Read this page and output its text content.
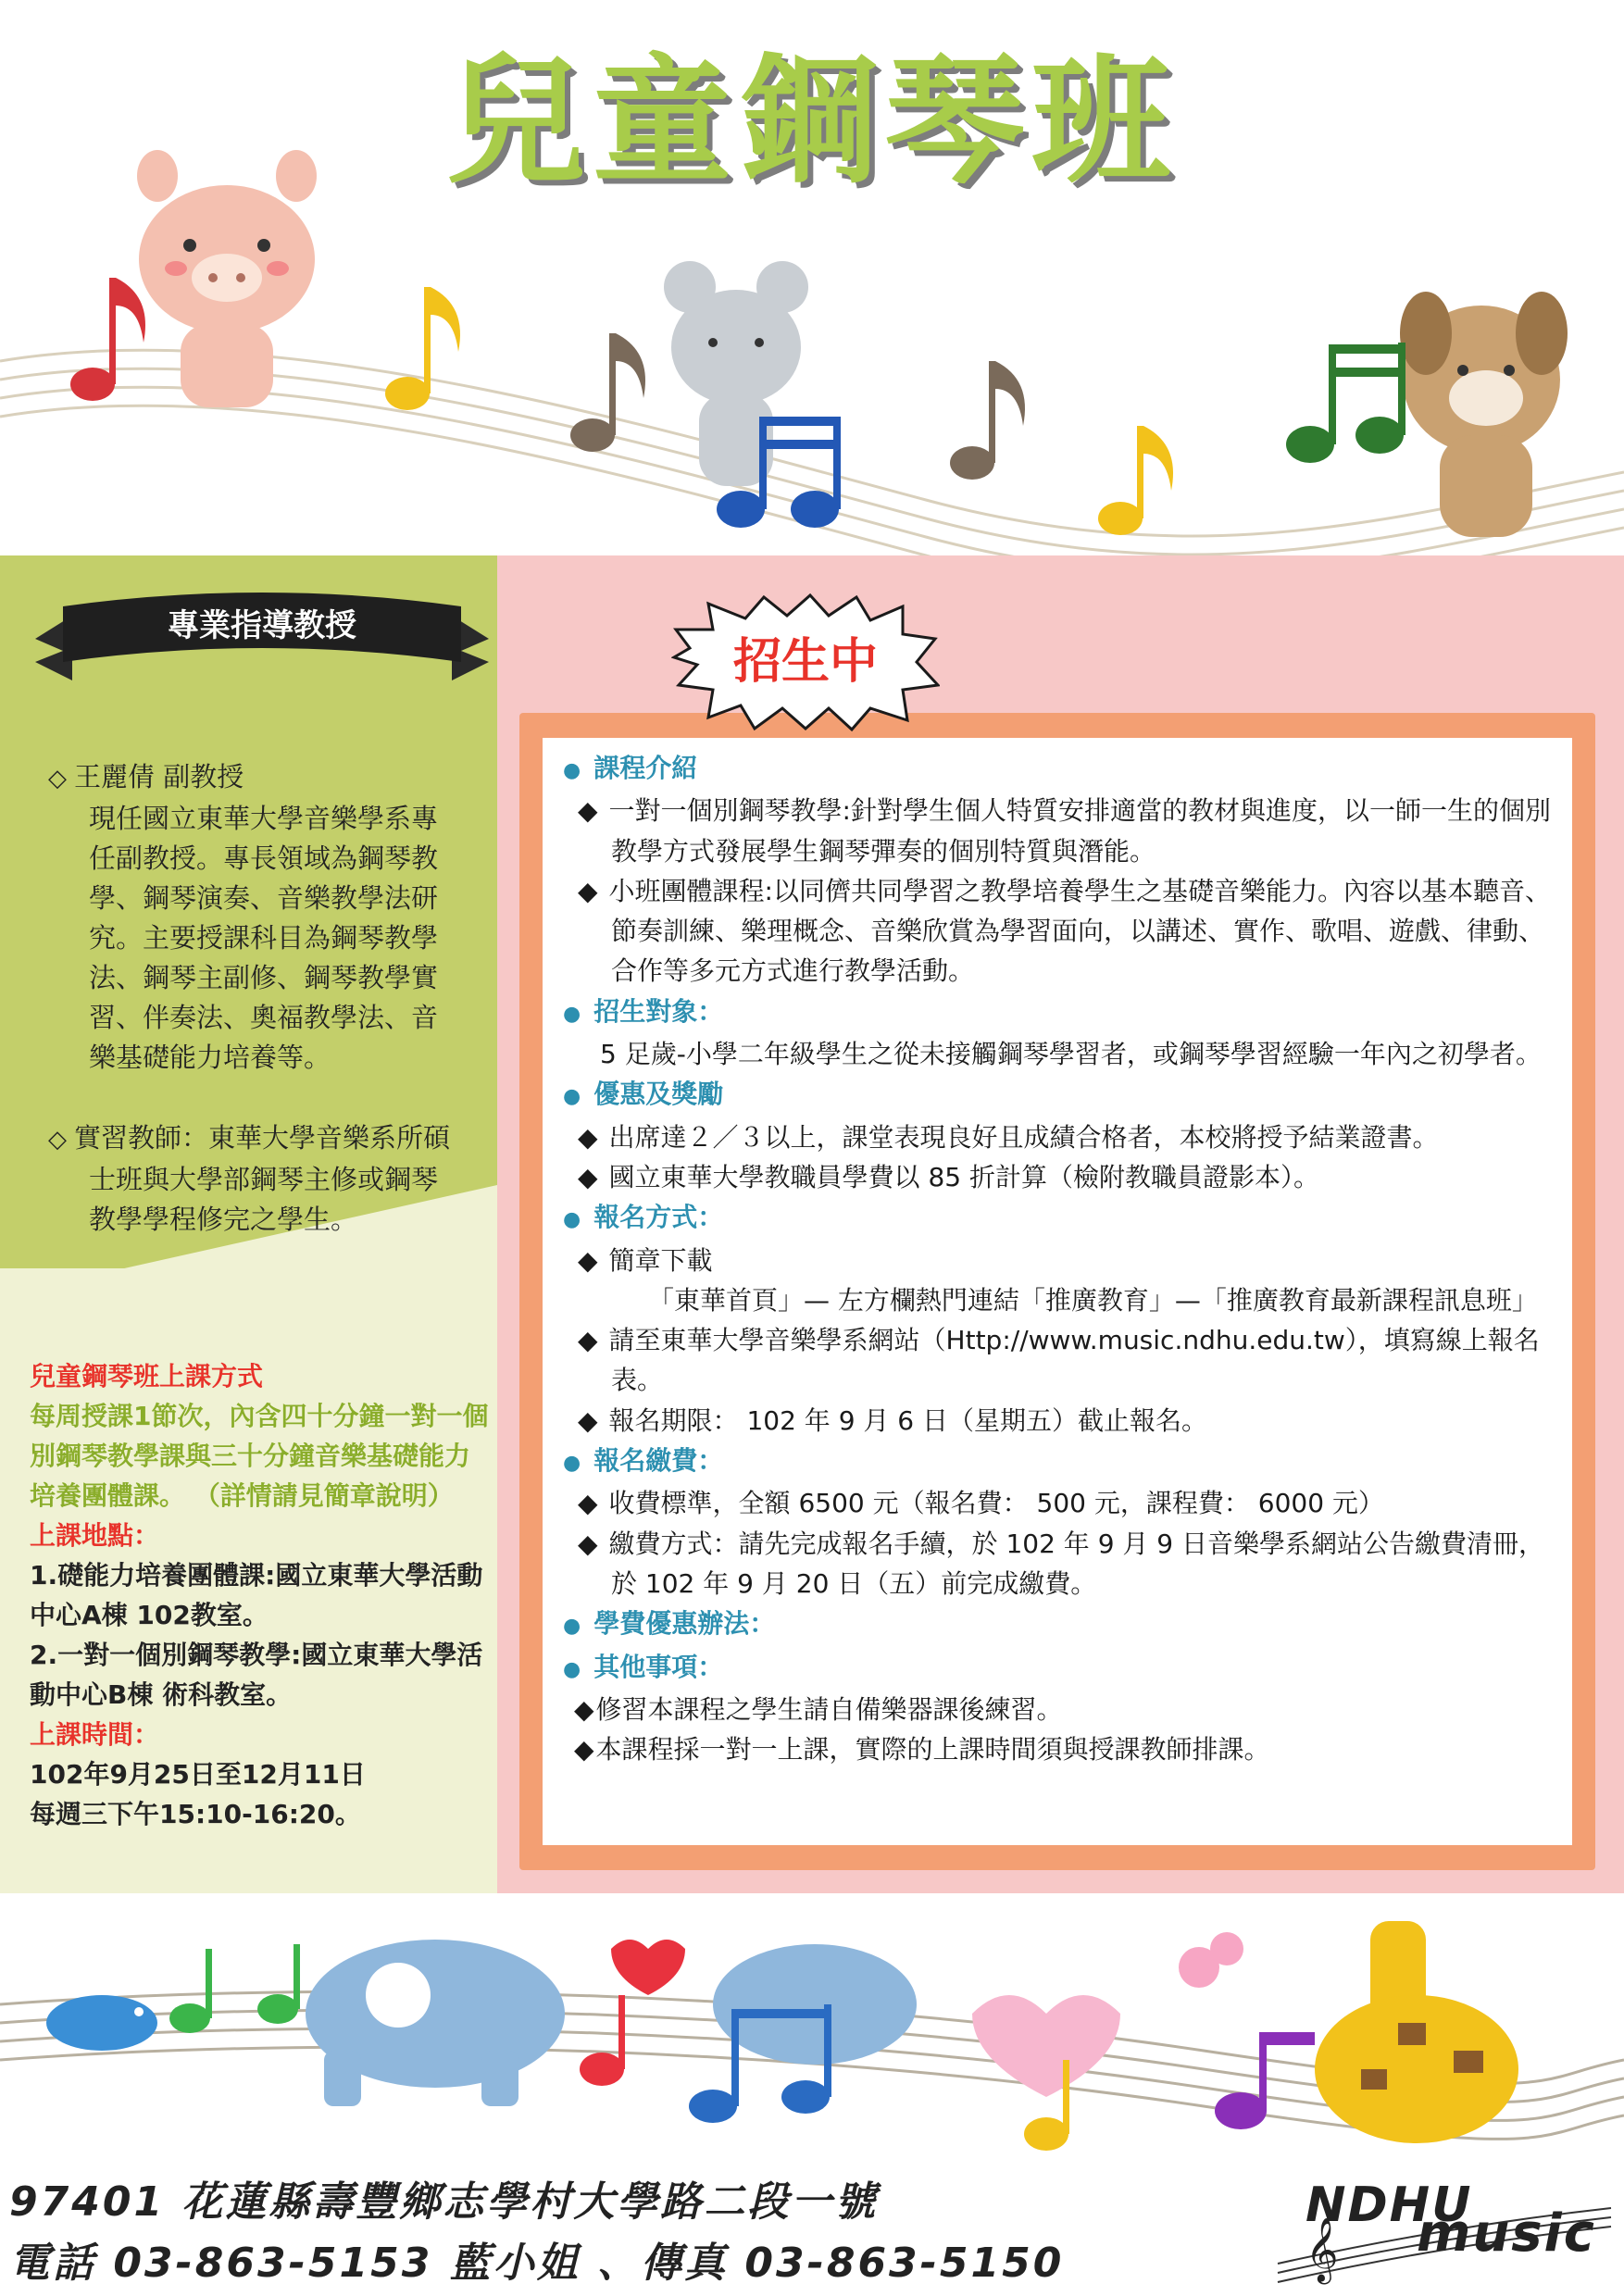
兒童鋼琴班
專業指導教授
◇ 王麗倩 副教授
現任國立東華大學音樂學系專任副教授。專長領域為鋼琴教學、鋼琴演奏、音樂教學法研究。主要授課科目為鋼琴教學法、鋼琴主副修、鋼琴教學實習、伴奏法、奧福教學法、音樂基礎能力培養等。
◇ 實習教師：東華大學音樂系所碩士班與大學部鋼琴主修或鋼琴教學學程修完之學生。
兒童鋼琴班上課方式
每周授課1節次，內含四十分鐘一對一個別鋼琴教學課與三十分鐘音樂基礎能力培養團體課。 （詳情請見簡章說明）
上課地點：
1.礎能力培養團體課:國立東華大學活動中心A棟 102教室。
2.一對一個別鋼琴教學:國立東華大學活動中心B棟 術科教室。
上課時間：
102年9月25日至12月11日
每週三下午15:10-16:20。
招生中
● 課程介紹
◆ 一對一個別鋼琴教學:針對學生個人特質安排適當的教材與進度，以一師一生的個別教學方式發展學生鋼琴彈奏的個別特質與潛能。
◆ 小班團體課程:以同儕共同學習之教學培養學生之基礎音樂能力。內容以基本聽音、節奏訓練、樂理概念、音樂欣賞為學習面向，以講述、實作、歌唱、遊戲、律動、合作等多元方式進行教學活動。
● 招生對象：
5 足歲-小學二年級學生之從未接觸鋼琴學習者，或鋼琴學習經驗一年內之初學者。
● 優惠及獎勵
◆ 出席達２／３以上，課堂表現良好且成績合格者，本校將授予結業證書。
◆ 國立東華大學教職員學費以 85 折計算（檢附教職員證影本）。
● 報名方式：
◆ 簡章下載
「東華首頁」— 左方欄熱門連結「推廣教育」—「推廣教育最新課程訊息班」
◆ 請至東華大學音樂學系網站（Http://www.music.ndhu.edu.tw），填寫線上報名表。
◆ 報名期限： 102 年 9 月 6 日（星期五）截止報名。
● 報名繳費：
◆ 收費標準，全額 6500 元（報名費： 500 元，課程費： 6000 元）
◆ 繳費方式：請先完成報名手續，於 102 年 9 月 9 日音樂學系網站公告繳費清冊，於 102 年 9 月 20 日（五）前完成繳費。
● 學費優惠辦法：
● 其他事項：
◆修習本課程之學生請自備樂器課後練習。
◆本課程採一對一上課，實際的上課時間須與授課教師排課。
97401 花蓮縣壽豐鄉志學村大學路二段一號
電話 03-863-5153 藍小姐 、傳真 03-863-5150	𝄞
NDHU
music
